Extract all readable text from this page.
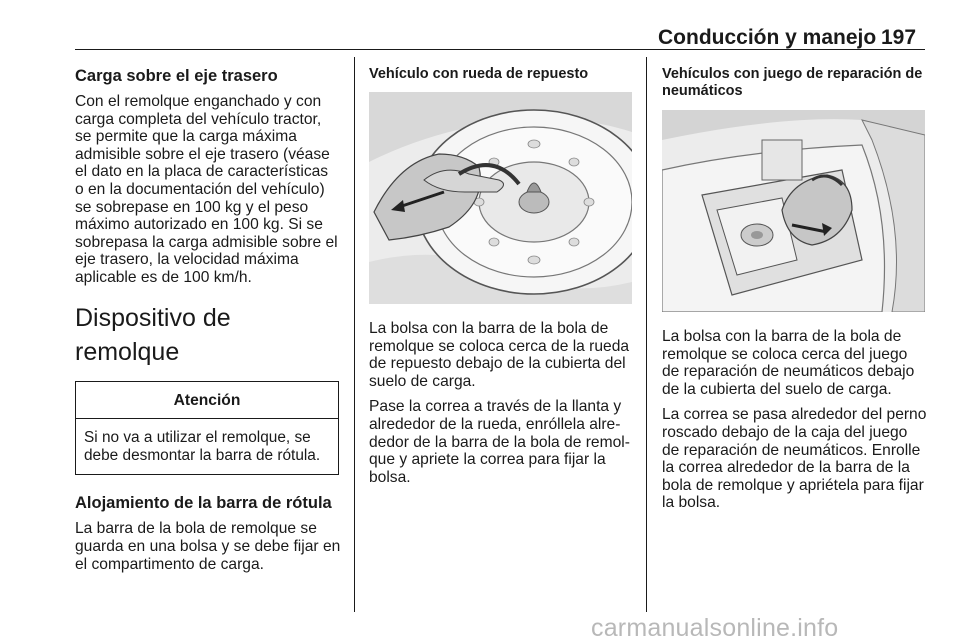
Conducción y manejo 197
Carga sobre el eje trasero

Con el remolque enganchado y con carga completa del vehículo tractor, se permite que la carga máxima admisible sobre el eje trasero (véase el dato en la placa de características o en la documentación del vehículo) se sobrepase en 100 kg y el peso máximo autorizado en 100 kg. Si se sobrepasa la carga admisible sobre el eje trasero, la velocidad máxima aplicable es de 100 km/h.

Dispositivo de remolque
Atención
Si no va a utilizar el remolque, se debe desmontar la barra de rótula.
Alojamiento de la barra de rótula

La barra de la bola de remolque se guarda en una bolsa y se debe fijar en el compartimento de carga.

Vehículo con rueda de repuesto

La bolsa con la barra de la bola de remolque se coloca cerca de la rueda de repuesto debajo de la cubierta del suelo de carga.

Pase la correa a través de la llanta y alrededor de la rueda, enróllela alre‑ dedor de la barra de la bola de remol‑ que y apriete la correa para fijar la bolsa.

Vehículos con juego de reparación de neumáticos

La bolsa con la barra de la bola de remolque se coloca cerca del juego de reparación de neumáticos debajo de la cubierta del suelo de carga.

La correa se pasa alrededor del perno roscado debajo de la caja del juego de reparación de neumáticos. Enrolle la correa alrededor de la barra de la bola de remolque y apriétela para fijar la bolsa.

carmanualsonline.info
